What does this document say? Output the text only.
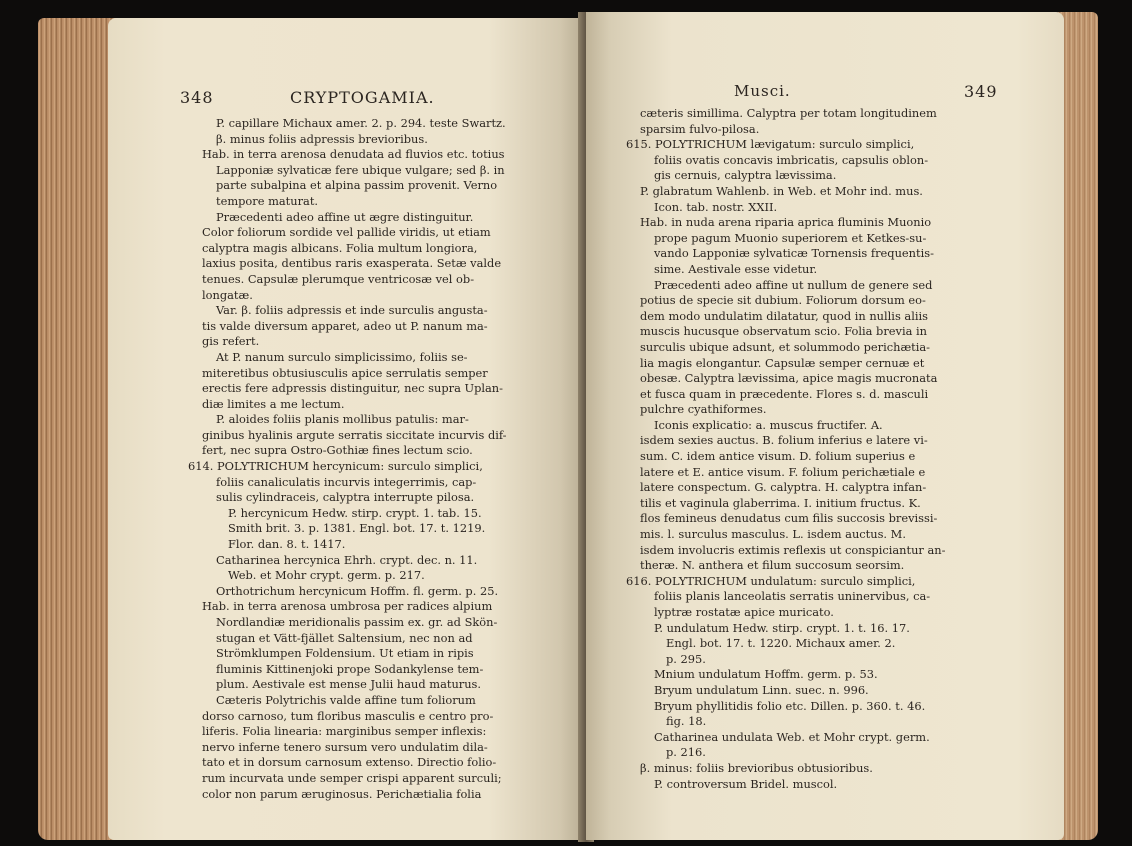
348	CRYPTOGAMIA.
P. capillare Michaux amer. 2. p. 294. teste Swartz.
β. minus foliis adpressis brevioribus.
Hab. in terra arenosa denudata ad fluvios etc. totius
Lapponiæ sylvaticæ fere ubique vulgare; sed β. in
parte subalpina et alpina passim provenit. Verno
tempore maturat.
Præcedenti adeo affine ut ægre distinguitur.
Color foliorum sordide vel pallide viridis, ut etiam
calyptra magis albicans. Folia multum longiora,
laxius posita, dentibus raris exasperata. Setæ valde
tenues. Capsulæ plerumque ventricosæ vel ob-
longatæ.
Var. β. foliis adpressis et inde surculis angusta-
tis valde diversum apparet, adeo ut P. nanum ma-
gis refert.
At P. nanum surculo simplicissimo, foliis se-
miteretibus obtusiusculis apice serrulatis semper
erectis fere adpressis distinguitur, nec supra Uplan-
diæ limites a me lectum.
P. aloides foliis planis mollibus patulis: mar-
ginibus hyalinis argute serratis siccitate incurvis dif-
fert, nec supra Ostro-Gothiæ fines lectum scio.
614. POLYTRICHUM hercynicum: surculo simplici,
foliis canaliculatis incurvis integerrimis, cap-
sulis cylindraceis, calyptra interrupte pilosa.
P. hercynicum Hedw. stirp. crypt. 1. tab. 15.
Smith brit. 3. p. 1381. Engl. bot. 17. t. 1219.
Flor. dan. 8. t. 1417.
Catharinea hercynica Ehrh. crypt. dec. n. 11.
Web. et Mohr crypt. germ. p. 217.
Orthotrichum hercynicum Hoffm. fl. germ. p. 25.
Hab. in terra arenosa umbrosa per radices alpium
Nordlandiæ meridionalis passim ex. gr. ad Skön-
stugan et Vätt-fjället Saltensium, nec non ad
Strömklumpen Foldensium. Ut etiam in ripis
fluminis Kittinenjoki prope Sodankylense tem-
plum. Aestivale est mense Julii haud maturus.
Cæteris Polytrichis valde affine tum foliorum
dorso carnoso, tum floribus masculis e centro pro-
liferis. Folia linearia: marginibus semper inflexis:
nervo inferne tenero sursum vero undulatim dila-
tato et in dorsum carnosum extenso. Directio folio-
rum incurvata unde semper crispi apparent surculi;
color non parum æruginosus. Perichætialia folia
Musci.	349
cæteris simillima. Calyptra per totam longitudinem
sparsim fulvo-pilosa.
615. POLYTRICHUM lævigatum: surculo simplici,
foliis ovatis concavis imbricatis, capsulis oblon-
gis cernuis, calyptra lævissima.
P. glabratum Wahlenb. in Web. et Mohr ind. mus.
Icon. tab. nostr. XXII.
Hab. in nuda arena riparia aprica fluminis Muonio
prope pagum Muonio superiorem et Ketkes-su-
vando Lapponiæ sylvaticæ Tornensis frequentis-
sime. Aestivale esse videtur.
Præcedenti adeo affine ut nullum de genere sed
potius de specie sit dubium. Foliorum dorsum eo-
dem modo undulatim dilatatur, quod in nullis aliis
muscis hucusque observatum scio. Folia brevia in
surculis ubique adsunt, et solummodo perichætia-
lia magis elongantur. Capsulæ semper cernuæ et
obesæ. Calyptra lævissima, apice magis mucronata
et fusca quam in præcedente. Flores s. d. masculi
pulchre cyathiformes.
Iconis explicatio: a. muscus fructifer. A.
isdem sexies auctus. B. folium inferius e latere vi-
sum. C. idem antice visum. D. folium superius e
latere et E. antice visum. F. folium perichætiale e
latere conspectum. G. calyptra. H. calyptra infan-
tilis et vaginula glaberrima. I. initium fructus. K.
flos femineus denudatus cum filis succosis brevissi-
mis. l. surculus masculus. L. isdem auctus. M.
isdem involucris extimis reflexis ut conspiciantur an-
theræ. N. anthera et filum succosum seorsim.
616. POLYTRICHUM undulatum: surculo simplici,
foliis planis lanceolatis serratis uninervibus, ca-
lyptræ rostatæ apice muricato.
P. undulatum Hedw. stirp. crypt. 1. t. 16. 17.
Engl. bot. 17. t. 1220. Michaux amer. 2.
p. 295.
Mnium undulatum Hoffm. germ. p. 53.
Bryum undulatum Linn. suec. n. 996.
Bryum phyllitidis folio etc. Dillen. p. 360. t. 46.
fig. 18.
Catharinea undulata Web. et Mohr crypt. germ.
p. 216.
β. minus: foliis brevioribus obtusioribus.
P. controversum Bridel. muscol.
